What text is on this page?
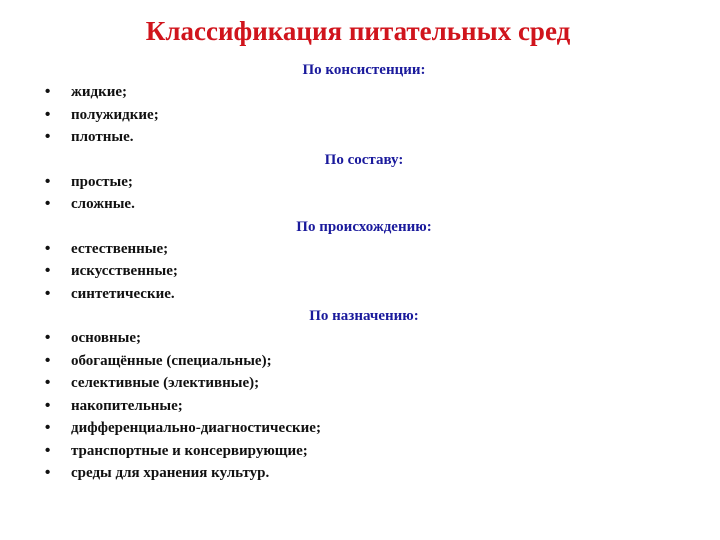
Классификация питательных сред
По консистенции:
• жидкие;
• полужидкие;
• плотные.
По составу:
• простые;
• сложные.
По происхождению:
• естественные;
• искусственные;
• синтетические.
По назначению:
• основные;
• обогащённые (специальные);
• селективные (элективные);
• накопительные;
• дифференциально-диагностические;
• транспортные и консервирующие;
• среды для хранения культур.
